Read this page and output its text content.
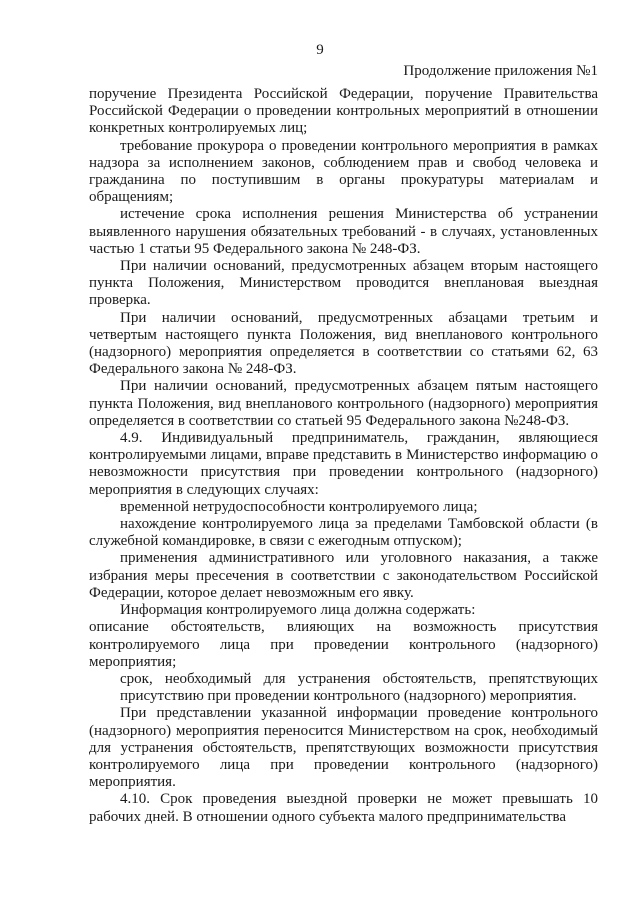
9
Продолжение приложения №1

поручение Президента Российской Федерации, поручение Правительства Российской Федерации о проведении контрольных мероприятий в отношении конкретных контролируемых лиц;

требование прокурора о проведении контрольного мероприятия в рамках надзора за исполнением законов, соблюдением прав и свобод человека и гражданина по поступившим в органы прокуратуры материалам и обращениям;

истечение срока исполнения решения Министерства об устранении выявленного нарушения обязательных требований - в случаях, установленных частью 1 статьи 95 Федерального закона № 248-ФЗ.

При наличии оснований, предусмотренных абзацем вторым настоящего пункта Положения, Министерством проводится внеплановая выездная проверка.

При наличии оснований, предусмотренных абзацами третьим и четвертым настоящего пункта Положения, вид внепланового контрольного (надзорного) мероприятия определяется в соответствии со статьями 62, 63 Федерального закона № 248-ФЗ.

При наличии оснований, предусмотренных абзацем пятым настоящего пункта Положения, вид внепланового контрольного (надзорного) мероприятия определяется в соответствии со статьей 95 Федерального закона №248-ФЗ.

4.9. Индивидуальный предприниматель, гражданин, являющиеся контролируемыми лицами, вправе представить в Министерство информацию о невозможности присутствия при проведении контрольного (надзорного) мероприятия в следующих случаях:

временной нетрудоспособности контролируемого лица;

нахождение контролируемого лица за пределами Тамбовской области (в служебной командировке, в связи с ежегодным отпуском);

применения административного или уголовного наказания, а также избрания меры пресечения в соответствии с законодательством Российской Федерации, которое делает невозможным его явку.

Информация контролируемого лица должна содержать:

описание обстоятельств, влияющих на возможность присутствия контролируемого лица при проведении контрольного (надзорного) мероприятия;

срок, необходимый для устранения обстоятельств, препятствующих присутствию при проведении контрольного (надзорного) мероприятия.

При представлении указанной информации проведение контрольного (надзорного) мероприятия переносится Министерством на срок, необходимый для устранения обстоятельств, препятствующих возможности присутствия контролируемого лица при проведении контрольного (надзорного) мероприятия.

4.10. Срок проведения выездной проверки не может превышать 10 рабочих дней. В отношении одного субъекта малого предпринимательства
